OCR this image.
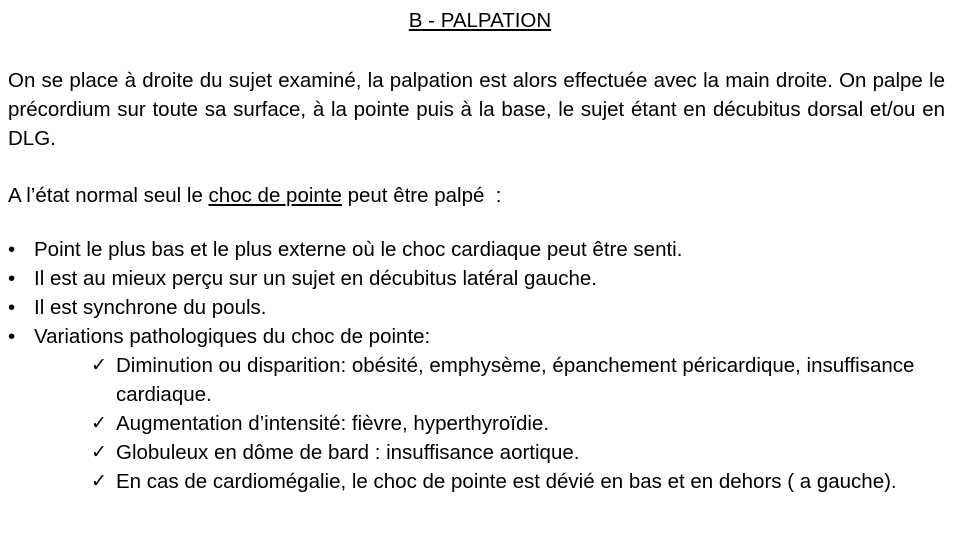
B - PALPATION

On se place à droite du sujet examiné, la palpation est alors effectuée avec la main droite. On palpe le précordium sur toute sa surface, à la pointe puis à la base, le sujet étant en décubitus dorsal et/ou en DLG.

A l’état normal seul le choc de pointe peut être palpé  :

• Point le plus bas et le plus externe où le choc cardiaque peut être senti.
• Il est au mieux perçu sur un sujet en décubitus latéral gauche.
• Il est synchrone du pouls.
• Variations pathologiques du choc de pointe:
✓ Diminution ou disparition: obésité, emphysème, épanchement péricardique, insuffisance cardiaque.
✓ Augmentation d’intensité: fièvre, hyperthyroïdie.
✓ Globuleux en dôme de bard : insuffisance aortique.
✓ En cas de cardiomégalie, le choc de pointe est dévié en bas et en dehors ( a gauche).
